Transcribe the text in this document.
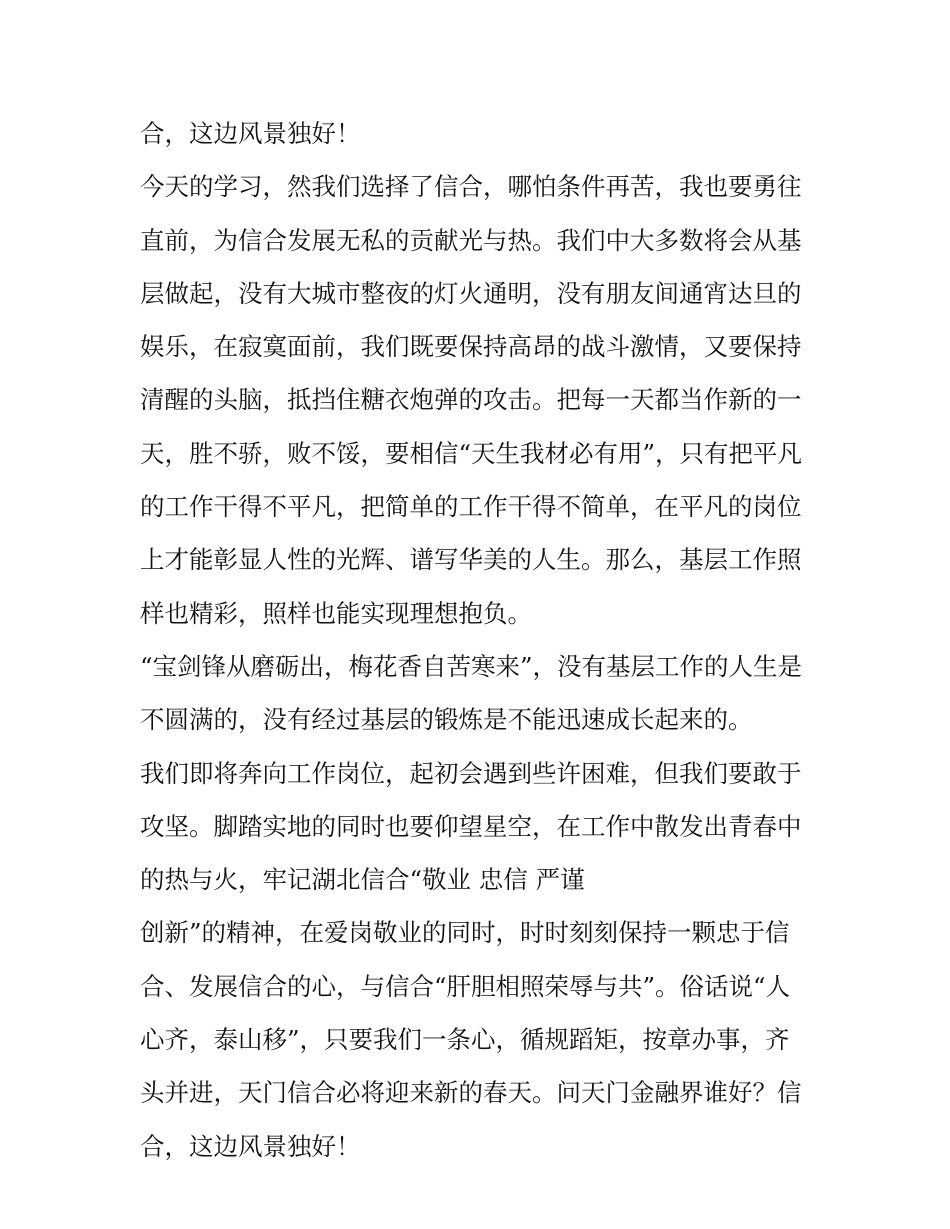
合，这边风景独好！
今天的学习，然我们选择了信合，哪怕条件再苦，我也要勇往
直前，为信合发展无私的贡献光与热。我们中大多数将会从基
层做起，没有大城市整夜的灯火通明，没有朋友间通宵达旦的
娱乐，在寂寞面前，我们既要保持高昂的战斗激情，又要保持
清醒的头脑，抵挡住糖衣炮弹的攻击。把每一天都当作新的一
天，胜不骄，败不馁，要相信“天生我材必有用”，只有把平凡
的工作干得不平凡，把简单的工作干得不简单，在平凡的岗位
上才能彰显人性的光辉、谱写华美的人生。那么，基层工作照
样也精彩，照样也能实现理想抱负。
“宝剑锋从磨砺出，梅花香自苦寒来”，没有基层工作的人生是
不圆满的，没有经过基层的锻炼是不能迅速成长起来的。
我们即将奔向工作岗位，起初会遇到些许困难，但我们要敢于
攻坚。脚踏实地的同时也要仰望星空，在工作中散发出青春中
的热与火，牢记湖北信合“敬业 忠信 严谨
创新”的精神，在爱岗敬业的同时，时时刻刻保持一颗忠于信
合、发展信合的心，与信合“肝胆相照荣辱与共”。俗话说“人
心齐，泰山移”，只要我们一条心，循规蹈矩，按章办事，齐
头并进，天门信合必将迎来新的春天。问天门金融界谁好？信
合，这边风景独好！
